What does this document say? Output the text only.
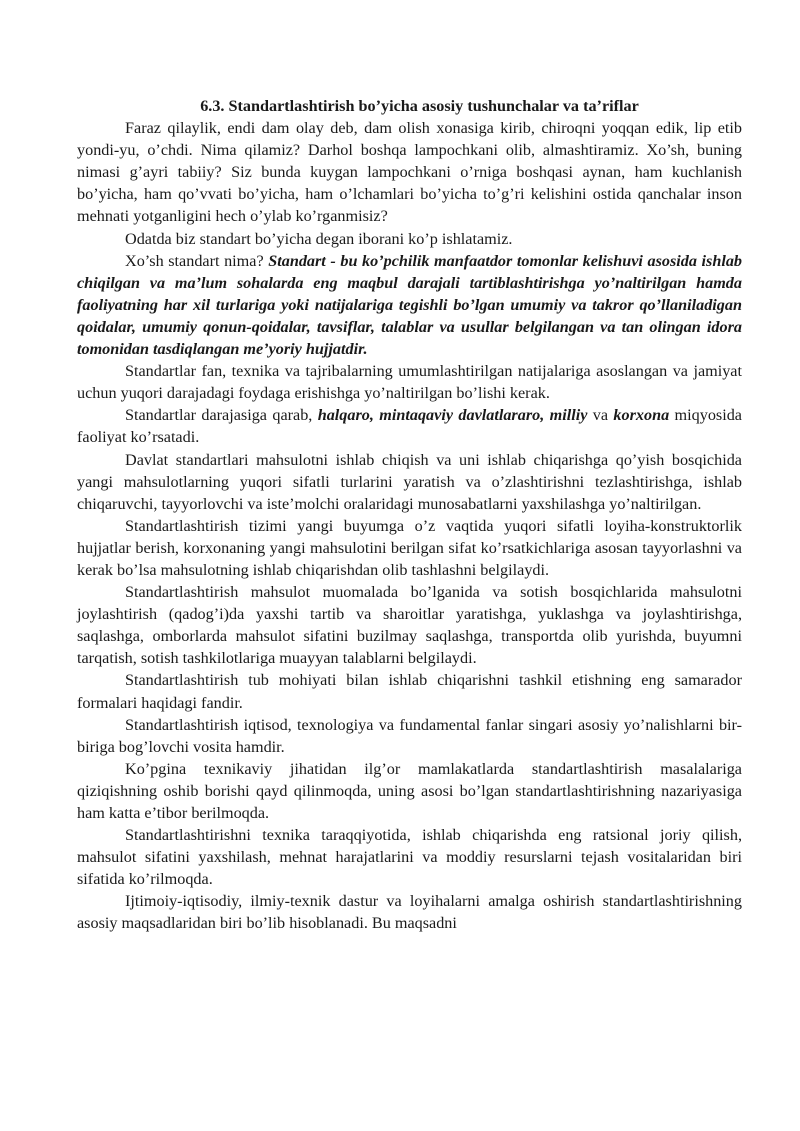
6.3. Standartlashtirish bo’yicha asosiy tushunchalar va ta’riflar

Faraz qilaylik, endi dam olay deb, dam olish xonasiga kirib, chiroqni yoqqan edik, lip etib yondi-yu, o’chdi. Nima qilamiz? Darhol boshqa lampochkani olib, almashtiramiz. Xo’sh, buning nimasi g’ayri tabiiy? Siz bunda kuygan lampochkani o’rniga boshqasi aynan, ham kuchlanish bo’yicha, ham qo’vvati bo’yicha, ham o’lchamlari bo’yicha to’g’ri kelishini ostida qanchalar inson mehnati yotganligini hech o’ylab ko’rganmisiz?

Odatda biz standart bo’yicha degan iborani ko’p ishlatamiz.

Xo’sh standart nima? Standart - bu ko’pchilik manfaatdor tomonlar kelishuvi asosida ishlab chiqilgan va ma’lum sohalarda eng maqbul darajali tartiblashtirishga yo’naltirilgan hamda faoliyatning har xil turlariga yoki natijalariga tegishli bo’lgan umumiy va takror qo’llaniladigan qoidalar, umumiy qonun-qoidalar, tavsiflar, talablar va usullar belgilangan va tan olingan idora tomonidan tasdiqlangan me’yoriy hujjatdir.

Standartlar fan, texnika va tajribalarning umumlashtirilgan natijalariga asoslangan va jamiyat uchun yuqori darajadagi foydaga erishishga yo’naltirilgan bo’lishi kerak.

Standartlar darajasiga qarab, halqaro, mintaqaviy davlatlararo, milliy va korxona miqyosida faoliyat ko’rsatadi.

Davlat standartlari mahsulotni ishlab chiqish va uni ishlab chiqarishga qo’yish bosqichida yangi mahsulotlarning yuqori sifatli turlarini yaratish va o’zlashtirishni tezlashtirishga, ishlab chiqaruvchi, tayyorlovchi va iste’molchi oralaridagi munosabatlarni yaxshilashga yo’naltirilgan.

Standartlashtirish tizimi yangi buyumga o’z vaqtida yuqori sifatli loyiha-konstruktorlik hujjatlar berish, korxonaning yangi mahsulotini berilgan sifat ko’rsatkichlariga asosan tayyorlashni va kerak bo’lsa mahsulotning ishlab chiqarishdan olib tashlashni belgilaydi.

Standartlashtirish mahsulot muomalada bo’lganida va sotish bosqichlarida mahsulotni joylashtirish (qadog’i)da yaxshi tartib va sharoitlar yaratishga, yuklashga va joylashtirishga, saqlashga, omborlarda mahsulot sifatini buzilmay saqlashga, transportda olib yurishda, buyumni tarqatish, sotish tashkilotlariga muayyan talablarni belgilaydi.

Standartlashtirish tub mohiyati bilan ishlab chiqarishni tashkil etishning eng samarador formalari haqidagi fandir.

Standartlashtirish iqtisod, texnologiya va fundamental fanlar singari asosiy yo’nalishlarni bir-biriga bog’lovchi vosita hamdir.

Ko’pgina texnikaviy jihatidan ilg’or mamlakatlarda standartlashtirish masalalariga qiziqishning oshib borishi qayd qilinmoqda, uning asosi bo’lgan standartlashtirishning nazariyasiga ham katta e’tibor berilmoqda.

Standartlashtirishni texnika taraqqiyotida, ishlab chiqarishda eng ratsional joriy qilish, mahsulot sifatini yaxshilash, mehnat harajatlarini va moddiy resurslarni tejash vositalaridan biri sifatida ko’rilmoqda.

Ijtimoiy-iqtisodiy, ilmiy-texnik dastur va loyihalarni amalga oshirish standartlashtirishning asosiy maqsadlaridan biri bo’lib hisoblanadi. Bu maqsadni
